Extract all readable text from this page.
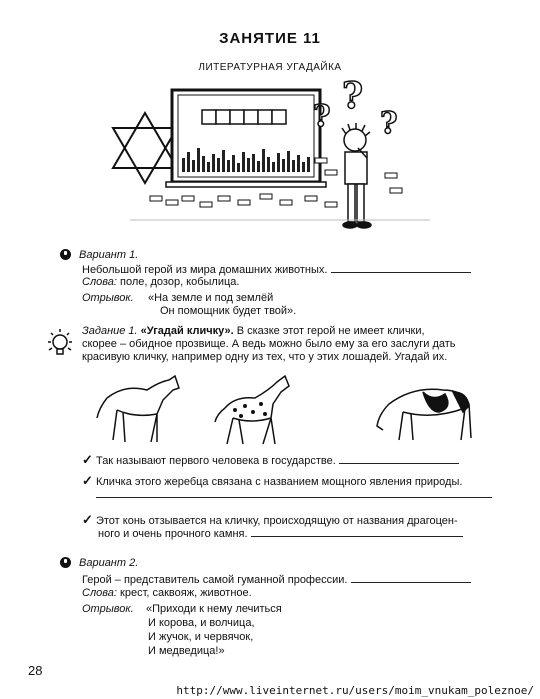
ЗАНЯТИЕ 11
ЛИТЕРАТУРНАЯ УГАДАЙКА
? ?
?
Вариант 1.
Небольшой герой из мира домашних животных.
Слова: поле, дозор, кобылица.
Отрывок. «На земле и под землёй
Он помощник будет твой».
Задание 1. «Угадай кличку». В сказке этот герой не имеет клички,
скорее – обидное прозвище. А ведь можно было ему за его заслуги дать
красивую кличку, например одну из тех, что у этих лошадей. Угадай их.
✓ Так называют первого человека в государстве.
✓ Кличка этого жеребца связана с названием мощного явления природы.
✓ Этот конь отзывается на кличку, происходящую от названия драгоцен-
ного и очень прочного камня.
Вариант 2.
Герой – представитель самой гуманной профессии.
Слова: крест, саквояж, животное.
Отрывок. «Приходи к нему лечиться
И корова, и волчица,
И жучок, и червячок,
И медведица!»
28
http://www.liveinternet.ru/users/moim_vnukam_poleznoe/
